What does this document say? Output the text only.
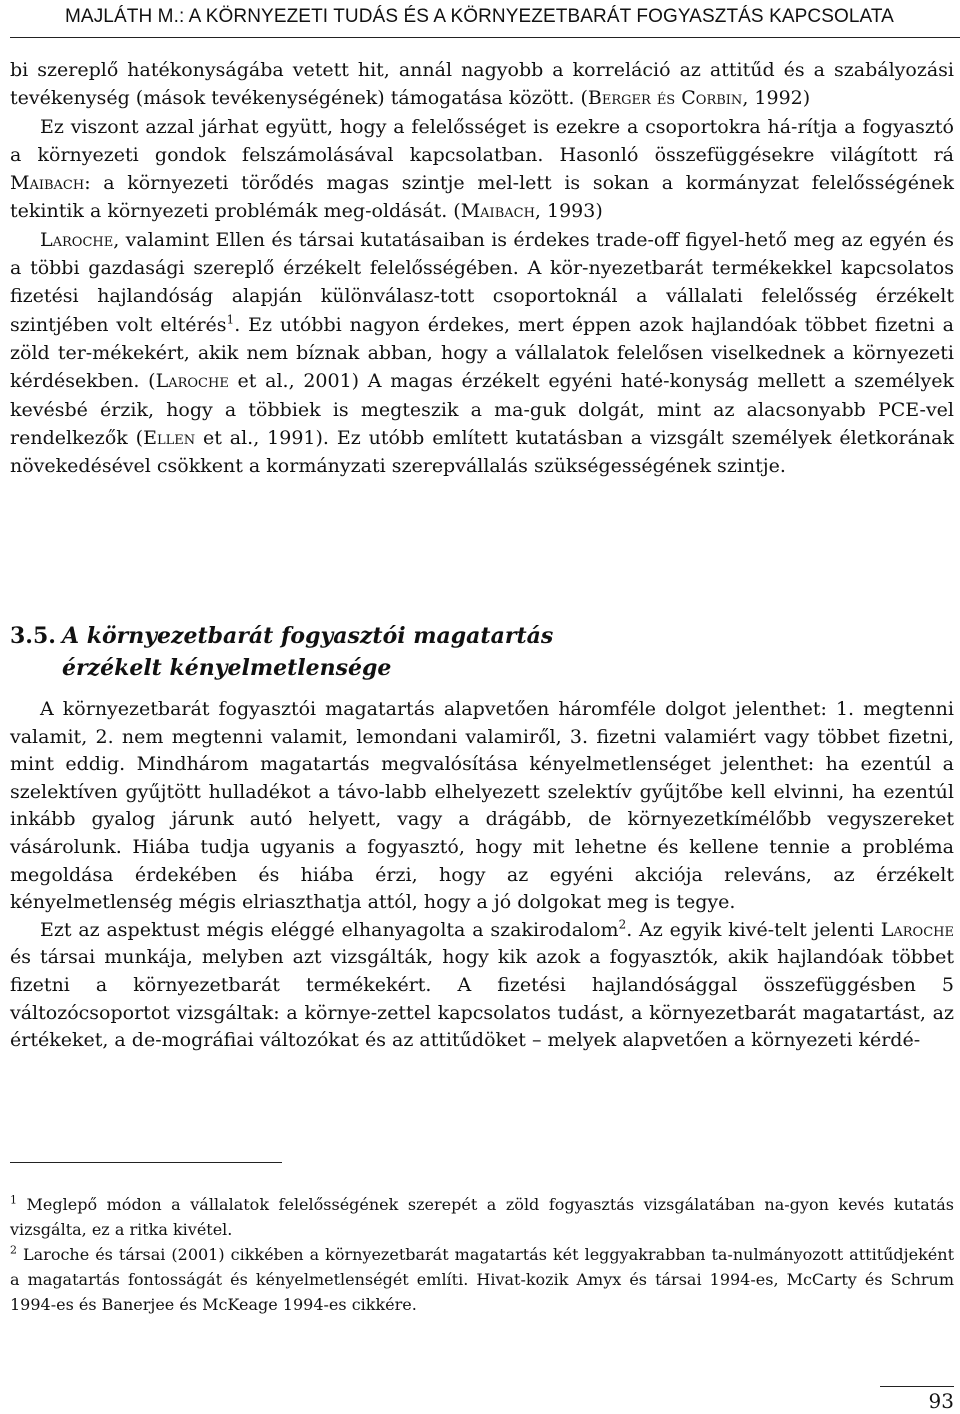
MAJLÁTH M.: A KÖRNYEZETI TUDÁS ÉS A KÖRNYEZETBARÁT FOGYASZTÁS KAPCSOLATA

bi szereplő hatékonyságába vetett hit, annál nagyobb a korreláció az attitűd és a szabályozási tevékenység (mások tevékenységének) támogatása között. (Berger és Corbin, 1992)

Ez viszont azzal járhat együtt, hogy a felelősséget is ezekre a csoportokra há-rítja a fogyasztó a környezeti gondok felszámolásával kapcsolatban. Hasonló összefüggésekre világított rá Maibach: a környezeti törődés magas szintje mel-lett is sokan a kormányzat felelősségének tekintik a környezeti problémák meg-oldását. (Maibach, 1993)

Laroche, valamint Ellen és társai kutatásaiban is érdekes trade-off figyel-hető meg az egyén és a többi gazdasági szereplő érzékelt felelősségében. A kör-nyezetbarát termékekkel kapcsolatos fizetési hajlandóság alapján különválasz-tott csoportoknál a vállalati felelősség érzékelt szintjében volt eltérés$^1$. Ez utóbbi nagyon érdekes, mert éppen azok hajlandóak többet fizetni a zöld ter-mékekért, akik nem bíznak abban, hogy a vállalatok felelősen viselkednek a környezeti kérdésekben. (Laroche et al., 2001) A magas érzékelt egyéni haté-konyság mellett a személyek kevésbé érzik, hogy a többiek is megteszik a ma-guk dolgát, mint az alacsonyabb PCE-vel rendelkezők (Ellen et al., 1991). Ez utóbb említett kutatásban a vizsgált személyek életkorának növekedésével csökkent a kormányzati szerepvállalás szükségességének szintje.

3.5. A környezetbarát fogyasztói magatartás
érzékelt kényelmetlensége

A környezetbarát fogyasztói magatartás alapvetően háromféle dolgot jelenthet: 1. megtenni valamit, 2. nem megtenni valamit, lemondani valamiről, 3. fizetni valamiért vagy többet fizetni, mint eddig. Mindhárom magatartás megvalósítása kényelmetlenséget jelenthet: ha ezentúl a szelektíven gyűjtött hulladékot a távo-labb elhelyezett szelektív gyűjtőbe kell elvinni, ha ezentúl inkább gyalog járunk autó helyett, vagy a drágább, de környezetkímélőbb vegyszereket vásárolunk. Hiába tudja ugyanis a fogyasztó, hogy mit lehetne és kellene tennie a probléma megoldása érdekében és hiába érzi, hogy az egyéni akciója releváns, az érzékelt kényelmetlenség mégis elriaszthatja attól, hogy a jó dolgokat meg is tegye.

Ezt az aspektust mégis eléggé elhanyagolta a szakirodalom$^2$. Az egyik kivé-telt jelenti Laroche és társai munkája, melyben azt vizsgálták, hogy kik azok a fogyasztók, akik hajlandóak többet fizetni a környezetbarát termékekért. A fizetési hajlandósággal összefüggésben 5 változócsoportot vizsgáltak: a környe-zettel kapcsolatos tudást, a környezetbarát magatartást, az értékeket, a de-mográfiai változókat és az attitűdöket – melyek alapvetően a környezeti kérdé-

$^1$ Meglepő módon a vállalatok felelősségének szerepét a zöld fogyasztás vizsgálatában na-gyon kevés kutatás vizsgálta, ez a ritka kivétel.

$^2$ Laroche és társai (2001) cikkében a környezetbarát magatartás két leggyakrabban ta-nulmányozott attitűdjeként a magatartás fontosságát és kényelmetlenségét említi. Hivat-kozik Amyx és társai 1994-es, McCarty és Schrum 1994-es és Banerjee és McKeage 1994-es cikkére.

93
